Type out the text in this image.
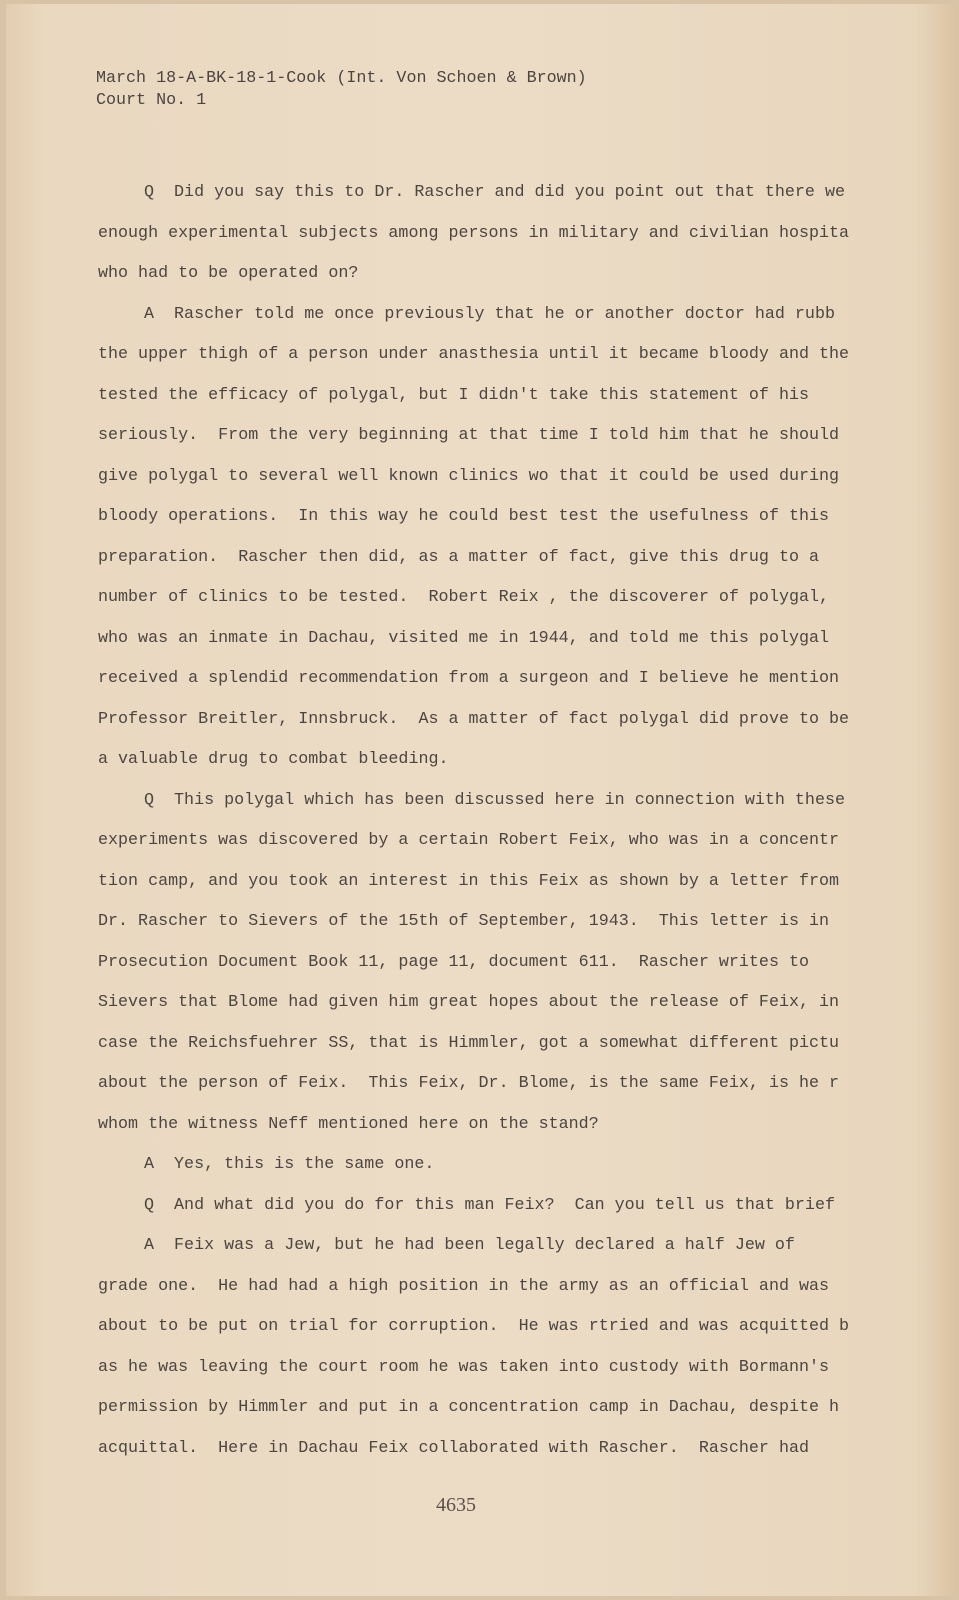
March 18-A-BK-18-1-Cook (Int. Von Schoen & Brown)
Court No. 1
Q  Did you say this to Dr. Rascher and did you point out that there we
enough experimental subjects among persons in military and civilian hospita
who had to be operated on?
A  Rascher told me once previously that he or another doctor had rubb
the upper thigh of a person under anasthesia until it became bloody and the
tested the efficacy of polygal, but I didn't take this statement of his
seriously.  From the very beginning at that time I told him that he should
give polygal to several well known clinics wo that it could be used during
bloody operations.  In this way he could best test the usefulness of this
preparation.  Rascher then did, as a matter of fact, give this drug to a
number of clinics to be tested.  Robert Reix , the discoverer of polygal,
who was an inmate in Dachau, visited me in 1944, and told me this polygal
received a splendid recommendation from a surgeon and I believe he mention
Professor Breitler, Innsbruck.  As a matter of fact polygal did prove to be
a valuable drug to combat bleeding.
Q  This polygal which has been discussed here in connection with these
experiments was discovered by a certain Robert Feix, who was in a concentr
tion camp, and you took an interest in this Feix as shown by a letter from
Dr. Rascher to Sievers of the 15th of September, 1943.  This letter is in
Prosecution Document Book 11, page 11, document 611.  Rascher writes to
Sievers that Blome had given him great hopes about the release of Feix, in
case the Reichsfuehrer SS, that is Himmler, got a somewhat different pictu
about the person of Feix.  This Feix, Dr. Blome, is the same Feix, is he r
whom the witness Neff mentioned here on the stand?
A  Yes, this is the same one.
Q  And what did you do for this man Feix?  Can you tell us that brief
A  Feix was a Jew, but he had been legally declared a half Jew of
grade one.  He had had a high position in the army as an official and was
about to be put on trial for corruption.  He was rtried and was acquitted b
as he was leaving the court room he was taken into custody with Bormann's
permission by Himmler and put in a concentration camp in Dachau, despite h
acquittal.  Here in Dachau Feix collaborated with Rascher.  Rascher had
4635
